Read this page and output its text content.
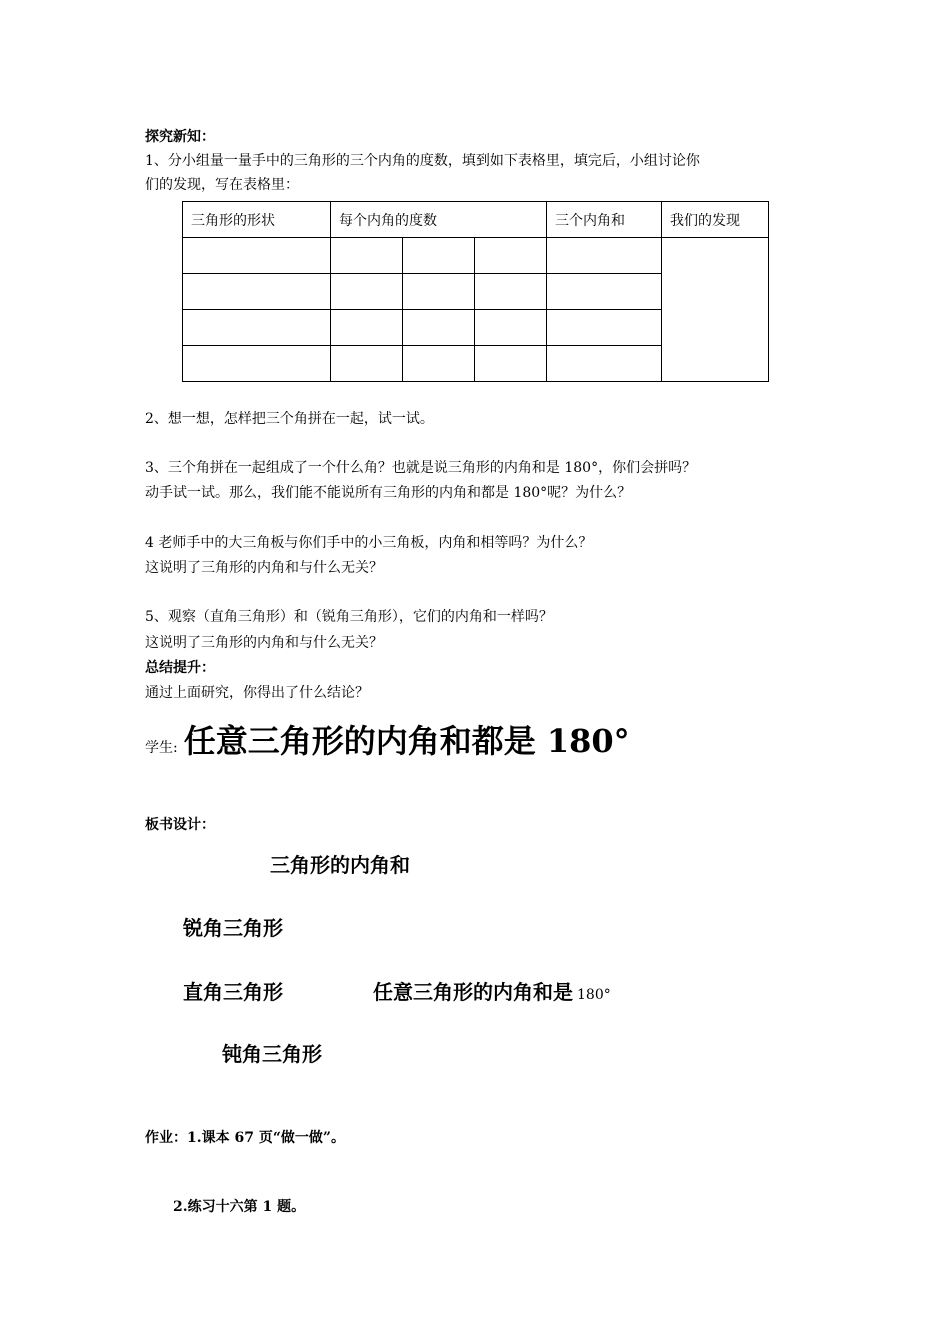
探究新知：
1、分小组量一量手中的三角形的三个内角的度数，填到如下表格里，填完后，小组讨论你
们的发现，写在表格里：
三角形的形状	每个内角的度数			三个内角和	我们的发现

2、想一想，怎样把三个角拼在一起，试一试。
3、三个角拼在一起组成了一个什么角？也就是说三角形的内角和是 180°，你们会拼吗？
动手试一试。那么，我们能不能说所有三角形的内角和都是 180°呢？为什么？
4 老师手中的大三角板与你们手中的小三角板，内角和相等吗？为什么？
这说明了三角形的内角和与什么无关？
5、观察（直角三角形）和（锐角三角形），它们的内角和一样吗？
这说明了三角形的内角和与什么无关？
总结提升：
通过上面研究，你得出了什么结论？
学生: 任意三角形的内角和都是 180°
板书设计：
三角形的内角和
锐角三角形
直角三角形	任意三角形的内角和是 180°
钝角三角形
作业：1.课本 67 页“做一做”。
2.练习十六第 1 题。
